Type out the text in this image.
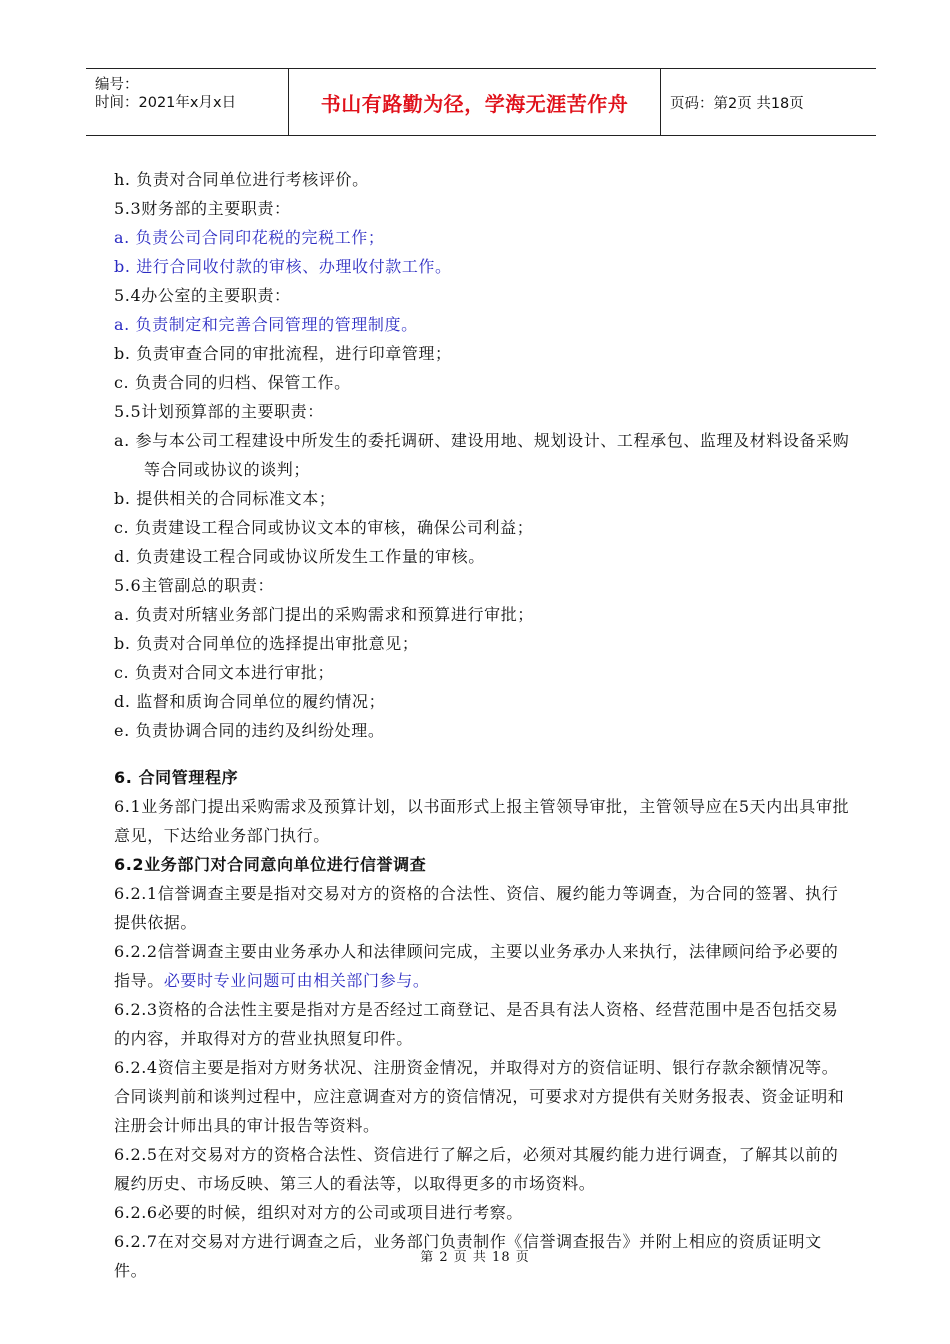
编号：
时间：2021年x月x日	书山有路勤为径，学海无涯苦作舟	页码：第2页 共18页
h. 负责对合同单位进行考核评价。
5.3财务部的主要职责：
a. 负责公司合同印花税的完税工作；
b. 进行合同收付款的审核、办理收付款工作。
5.4办公室的主要职责：
a. 负责制定和完善合同管理的管理制度。
b. 负责审查合同的审批流程，进行印章管理；
c. 负责合同的归档、保管工作。
5.5计划预算部的主要职责：
a. 参与本公司工程建设中所发生的委托调研、建设用地、规划设计、工程承包、监理及材料设备采购等合同或协议的谈判；
b. 提供相关的合同标准文本；
c. 负责建设工程合同或协议文本的审核，确保公司利益；
d. 负责建设工程合同或协议所发生工作量的审核。
5.6主管副总的职责：
a. 负责对所辖业务部门提出的采购需求和预算进行审批；
b. 负责对合同单位的选择提出审批意见；
c. 负责对合同文本进行审批；
d. 监督和质询合同单位的履约情况；
e. 负责协调合同的违约及纠纷处理。
6. 合同管理程序
6.1业务部门提出采购需求及预算计划，以书面形式上报主管领导审批，主管领导应在5天内出具审批意见，下达给业务部门执行。
6.2业务部门对合同意向单位进行信誉调查
6.2.1信誉调查主要是指对交易对方的资格的合法性、资信、履约能力等调查，为合同的签署、执行提供依据。
6.2.2信誉调查主要由业务承办人和法律顾问完成，主要以业务承办人来执行，法律顾问给予必要的指导。必要时专业问题可由相关部门参与。
6.2.3资格的合法性主要是指对方是否经过工商登记、是否具有法人资格、经营范围中是否包括交易的内容，并取得对方的营业执照复印件。
6.2.4资信主要是指对方财务状况、注册资金情况，并取得对方的资信证明、银行存款余额情况等。合同谈判前和谈判过程中，应注意调查对方的资信情况，可要求对方提供有关财务报表、资金证明和注册会计师出具的审计报告等资料。
6.2.5在对交易对方的资格合法性、资信进行了解之后，必须对其履约能力进行调查，了解其以前的履约历史、市场反映、第三人的看法等，以取得更多的市场资料。
6.2.6必要的时候，组织对对方的公司或项目进行考察。
6.2.7在对交易对方进行调查之后，业务部门负责制作《信誉调查报告》并附上相应的资质证明文件。
第 2 页 共 18 页
